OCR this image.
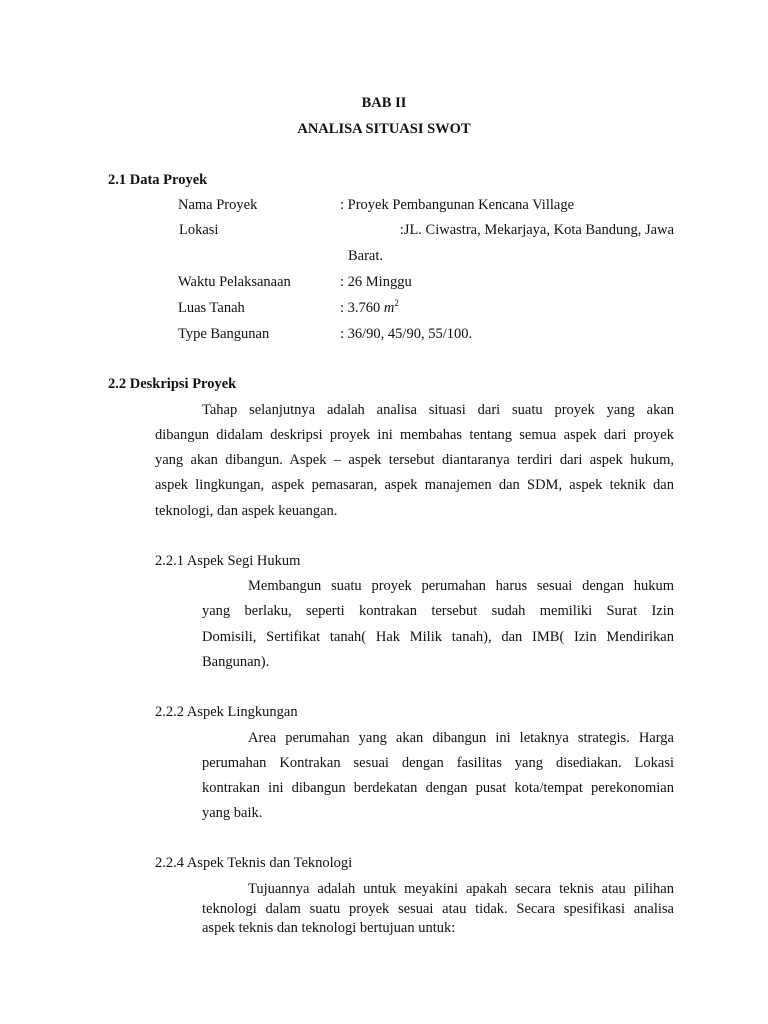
BAB II
ANALISA SITUASI SWOT
2.1 Data Proyek
Nama Proyek	: Proyek Pembangunan Kencana Village
Lokasi	:JL. Ciwastra, Mekarjaya, Kota Bandung, Jawa
Barat.
Waktu Pelaksanaan	: 26 Minggu
Luas Tanah	: 3.760 $m^2$
Type Bangunan	: 36/90, 45/90, 55/100.
2.2 Deskripsi Proyek
Tahap selanjutnya adalah analisa situasi dari suatu proyek yang akan
dibangun didalam deskripsi proyek ini membahas tentang semua aspek dari proyek
yang akan dibangun. Aspek – aspek tersebut diantaranya terdiri dari aspek hukum,
aspek lingkungan, aspek pemasaran, aspek manajemen dan SDM, aspek teknik dan
teknologi, dan aspek keuangan.
2.2.1 Aspek Segi Hukum
Membangun suatu proyek perumahan harus sesuai dengan hukum
yang berlaku, seperti kontrakan tersebut sudah memiliki Surat Izin
Domisili, Sertifikat tanah( Hak Milik tanah), dan IMB( Izin Mendirikan
Bangunan).
2.2.2 Aspek Lingkungan
Area perumahan yang akan dibangun ini letaknya strategis. Harga
perumahan Kontrakan sesuai dengan fasilitas yang disediakan. Lokasi
kontrakan ini dibangun berdekatan dengan pusat kota/tempat perekonomian
yang baik.
2.2.4 Aspek Teknis dan Teknologi
Tujuannya adalah untuk meyakini apakah secara teknis atau pilihan
teknologi dalam suatu proyek sesuai atau tidak. Secara spesifikasi analisa
aspek teknis dan teknologi bertujuan untuk:
